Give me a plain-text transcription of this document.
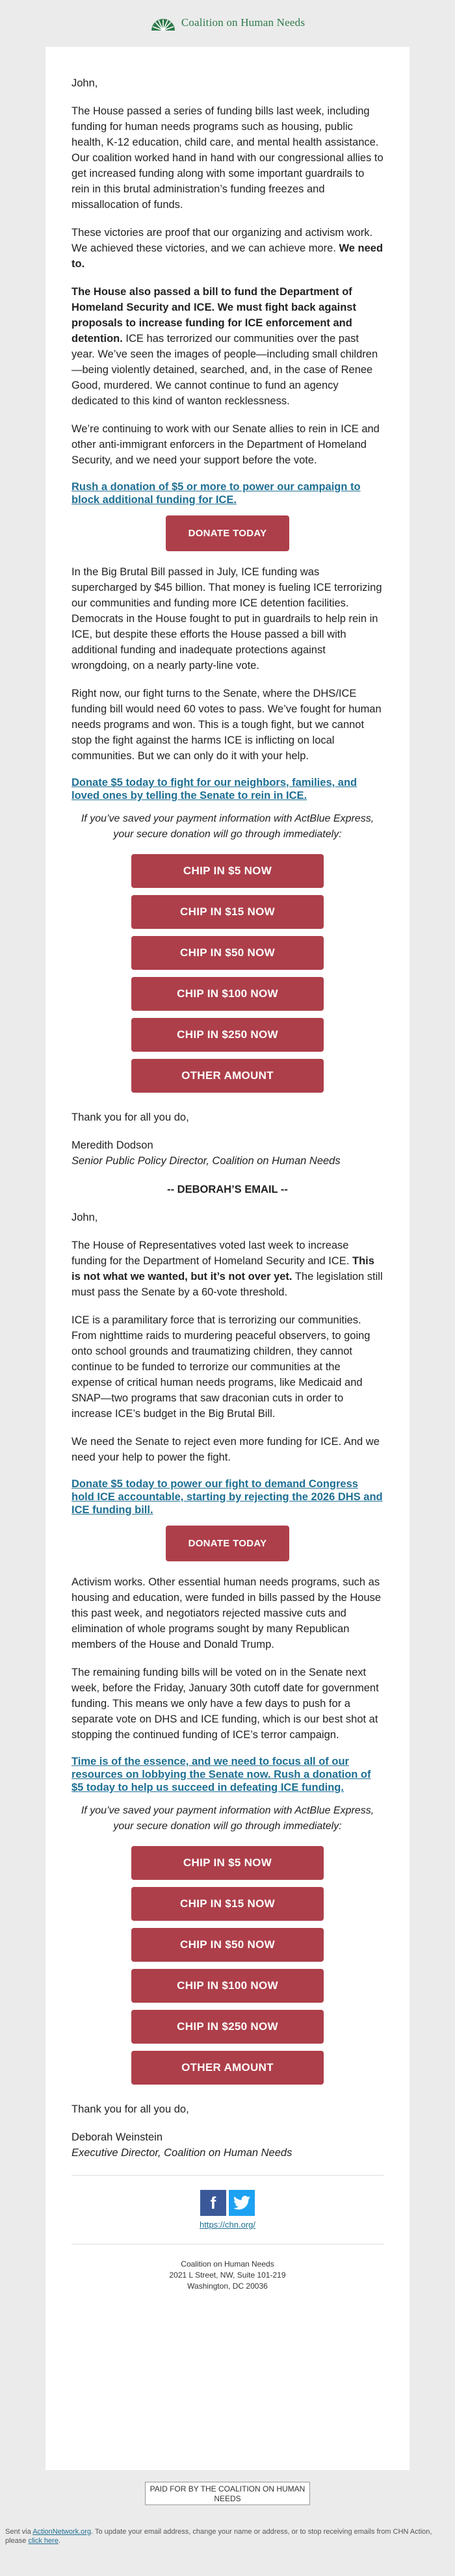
Coalition on Human Needs

John,

The House passed a series of funding bills last week, including funding for human needs programs such as housing, public health, K-12 education, child care, and mental health assistance. Our coalition worked hand in hand with our congressional allies to get increased funding along with some important guardrails to rein in this brutal administration’s funding freezes and missallocation of funds.

These victories are proof that our organizing and activism work. We achieved these victories, and we can achieve more. We need to.

The House also passed a bill to fund the Department of Homeland Security and ICE. We must fight back against proposals to increase funding for ICE enforcement and detention. ICE has terrorized our communities over the past year. We’ve seen the images of people—including small children—being violently detained, searched, and, in the case of Renee Good, murdered. We cannot continue to fund an agency dedicated to this kind of wanton recklessness.

We’re continuing to work with our Senate allies to rein in ICE and other anti-immigrant enforcers in the Department of Homeland Security, and we need your support before the vote.

Rush a donation of $5 or more to power our campaign to block additional funding for ICE.
DONATE TODAY

In the Big Brutal Bill passed in July, ICE funding was supercharged by $45 billion. That money is fueling ICE terrorizing our communities and funding more ICE detention facilities. Democrats in the House fought to put in guardrails to help rein in ICE, but despite these efforts the House passed a bill with additional funding and inadequate protections against wrongdoing, on a nearly party-line vote.

Right now, our fight turns to the Senate, where the DHS/ICE funding bill would need 60 votes to pass. We’ve fought for human needs programs and won. This is a tough fight, but we cannot stop the fight against the harms ICE is inflicting on local communities. But we can only do it with your help.

Donate $5 today to fight for our neighbors, families, and loved ones by telling the Senate to rein in ICE.

If you’ve saved your payment information with ActBlue Express, your secure donation will go through immediately:

CHIP IN $5 NOW
CHIP IN $15 NOW
CHIP IN $50 NOW
CHIP IN $100 NOW
CHIP IN $250 NOW
OTHER AMOUNT

Thank you for all you do,

Meredith Dodson

Senior Public Policy Director, Coalition on Human Needs

-- DEBORAH’S EMAIL --

John,

The House of Representatives voted last week to increase funding for the Department of Homeland Security and ICE. This is not what we wanted, but it’s not over yet. The legislation still must pass the Senate by a 60-vote threshold.

ICE is a paramilitary force that is terrorizing our communities. From nighttime raids to murdering peaceful observers, to going onto school grounds and traumatizing children, they cannot continue to be funded to terrorize our communities at the expense of critical human needs programs, like Medicaid and SNAP—two programs that saw draconian cuts in order to increase ICE’s budget in the Big Brutal Bill.

We need the Senate to reject even more funding for ICE. And we need your help to power the fight.

Donate $5 today to power our fight to demand Congress hold ICE accountable, starting by rejecting the 2026 DHS and ICE funding bill.
DONATE TODAY

Activism works. Other essential human needs programs, such as housing and education, were funded in bills passed by the House this past week, and negotiators rejected massive cuts and elimination of whole programs sought by many Republican members of the House and Donald Trump.

The remaining funding bills will be voted on in the Senate next week, before the Friday, January 30th cutoff date for government funding. This means we only have a few days to push for a separate vote on DHS and ICE funding, which is our best shot at stopping the continued funding of ICE’s terror campaign.

Time is of the essence, and we need to focus all of our resources on lobbying the Senate now. Rush a donation of $5 today to help us succeed in defeating ICE funding.

If you’ve saved your payment information with ActBlue Express, your secure donation will go through immediately:

CHIP IN $5 NOW
CHIP IN $15 NOW
CHIP IN $50 NOW
CHIP IN $100 NOW
CHIP IN $250 NOW
OTHER AMOUNT

Thank you for all you do,

Deborah Weinstein

Executive Director, Coalition on Human Needs

f
https://chn.org/
Coalition on Human Needs
2021 L Street, NW, Suite 101-219
Washington, DC 20036
PAID FOR BY THE COALITION ON HUMAN NEEDS
Sent via ActionNetwork.org. To update your email address, change your name or address, or to stop receiving emails from CHN Action, please click here.
